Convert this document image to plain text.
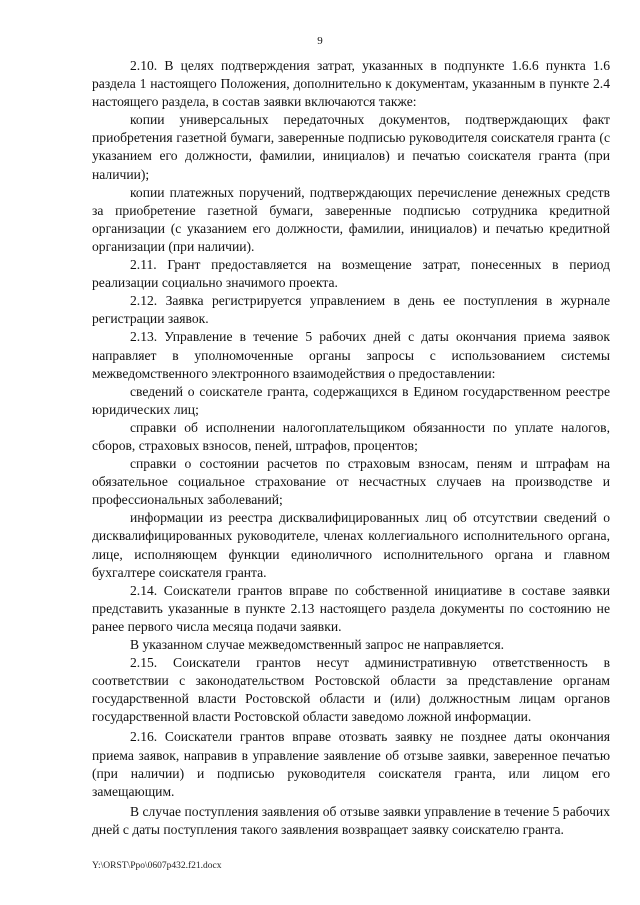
9

2.10. В целях подтверждения затрат, указанных в подпункте 1.6.6 пункта 1.6 раздела 1 настоящего Положения, дополнительно к документам, указанным в пункте 2.4 настоящего раздела, в состав заявки включаются также:

копии универсальных передаточных документов, подтверждающих факт приобретения газетной бумаги, заверенные подписью руководителя соискателя гранта (с указанием его должности, фамилии, инициалов) и печатью соискателя гранта (при наличии);

копии платежных поручений, подтверждающих перечисление денежных средств за приобретение газетной бумаги, заверенные подписью сотрудника кредитной организации (с указанием его должности, фамилии, инициалов) и печатью кредитной организации (при наличии).

2.11. Грант предоставляется на возмещение затрат, понесенных в период реализации социально значимого проекта.

2.12. Заявка регистрируется управлением в день ее поступления в журнале регистрации заявок.

2.13. Управление в течение 5 рабочих дней с даты окончания приема заявок направляет в уполномоченные органы запросы с использованием системы межведомственного электронного взаимодействия о предоставлении:

сведений о соискателе гранта, содержащихся в Едином государственном реестре юридических лиц;

справки об исполнении налогоплательщиком обязанности по уплате налогов, сборов, страховых взносов, пеней, штрафов, процентов;

справки о состоянии расчетов по страховым взносам, пеням и штрафам на обязательное социальное страхование от несчастных случаев на производстве и профессиональных заболеваний;

информации из реестра дисквалифицированных лиц об отсутствии сведений о дисквалифицированных руководителе, членах коллегиального исполнительного органа, лице, исполняющем функции единоличного исполнительного органа и главном бухгалтере соискателя гранта.

2.14. Соискатели грантов вправе по собственной инициативе в составе заявки представить указанные в пункте 2.13 настоящего раздела документы по состоянию не ранее первого числа месяца подачи заявки.

В указанном случае межведомственный запрос не направляется.

2.15. Соискатели грантов несут административную ответственность в соответствии с законодательством Ростовской области за представление органам государственной власти Ростовской области и (или) должностным лицам органов государственной власти Ростовской области заведомо ложной информации.

2.16. Соискатели грантов вправе отозвать заявку не позднее даты окончания приема заявок, направив в управление заявление об отзыве заявки, заверенное печатью (при наличии) и подписью руководителя соискателя гранта, или лицом его замещающим.

В случае поступления заявления об отзыве заявки управление в течение 5 рабочих дней с даты поступления такого заявления возвращает заявку соискателю гранта.

Y:\ORST\Ppo\0607p432.f21.docx
